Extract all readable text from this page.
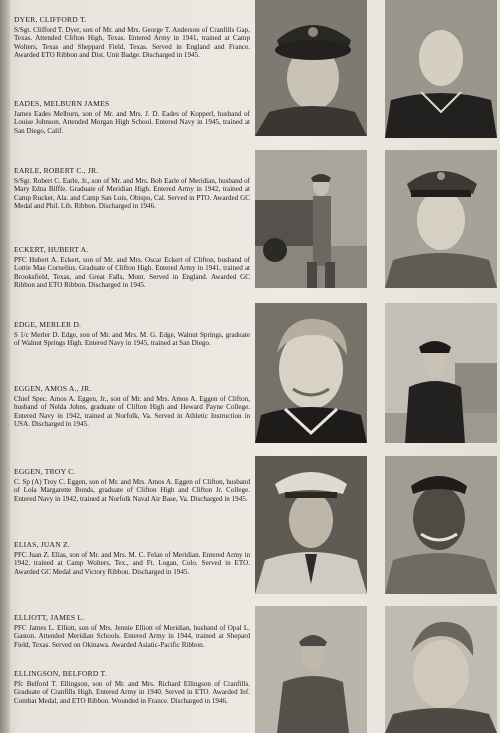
DYER, CLIFFORD T.
S/Sgt. Clifford T. Dyer, son of Mr. and Mrs. George T. Anderson of Cranfills Gap, Texas. Attended Clifton High, Texas. Entered Army in 1941, trained at Camp Wolters, Texas and Sheppard Field, Texas. Served in England and France. Awarded ETO Ribbon and Dist. Unit Badge. Discharged in 1945.
EADES, MELBURN JAMES
James Eades Melburn, son of Mr. and Mrs. J. D. Eades of Kopperl, husband of Louise Johnson. Attended Morgan High School. Entered Navy in 1945, trained at San Diego, Calif.
EARLE, ROBERT C., JR.
S/Sgt. Robert C. Earle, Jr., son of Mr. and Mrs. Bob Earle of Meridian, husband of Mary Edna Biffle. Graduate of Meridian High. Entered Army in 1942, trained at Camp Rucker, Ala. and Camp San Luis, Obispo, Cal. Served in PTO. Awarded GC Medal and Phil. Lib. Ribbon. Discharged in 1946.
ECKERT, HUBERT A.
PFC Hubert A. Eckert, son of Mr. and Mrs. Oscar Eckert of Clifton, husband of Lottie Mae Cornelius. Graduate of Clifton High. Entered Army in 1941, trained at Brooksfield, Texas, and Great Falls, Mont. Served in England. Awarded GC Ribbon and ETO Ribbon. Discharged in 1945.
EDGE, MERLER D.
S 1/c Merler D. Edge, son of Mr. and Mrs. M. G. Edge, Walnut Springs, graduate of Walnut Springs High. Entered Navy in 1945, trained at San Diego.
EGGEN, AMOS A., JR.
Chief Spec. Amos A. Eggen, Jr., son of Mr. and Mrs. Amos A. Eggen of Clifton, husband of Nelda Johns, graduate of Clifton High and Heward Payne College. Entered Navy in 1942, trained at Norfolk, Va. Served in Athletic Instruction in USA. Discharged in 1945.
EGGEN, TROY C.
C. Sp (A) Troy C. Eggen, son of Mr. and Mrs. Amos A. Eggen of Clifton, husband of Lola Margarette Bonds, graduate of Clifton High and Clifton Jr. College. Entered Navy in 1942, trained at Norfolk Naval Air Base, Va. Discharged in 1945.
ELIAS, JUAN Z.
PFC Juan Z. Elias, son of Mr. and Mrs. M. C. Felan of Meridian. Entered Army in 1942, trained at Camp Wolters, Tex., and Ft. Logan, Colo. Served in ETO. Awarded GC Medal and Victory Ribbon. Discharged in 1945.
ELLIOTT, JAMES L.
PFC James L. Elliott, son of Mrs. Jennie Elliott of Meridian, husband of Opal L. Gaston. Attended Meridian Schools. Entered Army in 1944, trained at Shepard Field, Texas. Served on Okinawa. Awarded Asiatic-Pacific Ribbon.
ELLINGSON, BELFORD T.
Pfc Belford T. Ellingson, son of Mr. and Mrs. Richard Ellingson of Cranfills. Graduate of Cranfills High. Entered Army in 1940. Served in ETO. Awarded Inf. Combat Medal, and ETO Ribbon. Wounded in France. Discharged in 1946.
